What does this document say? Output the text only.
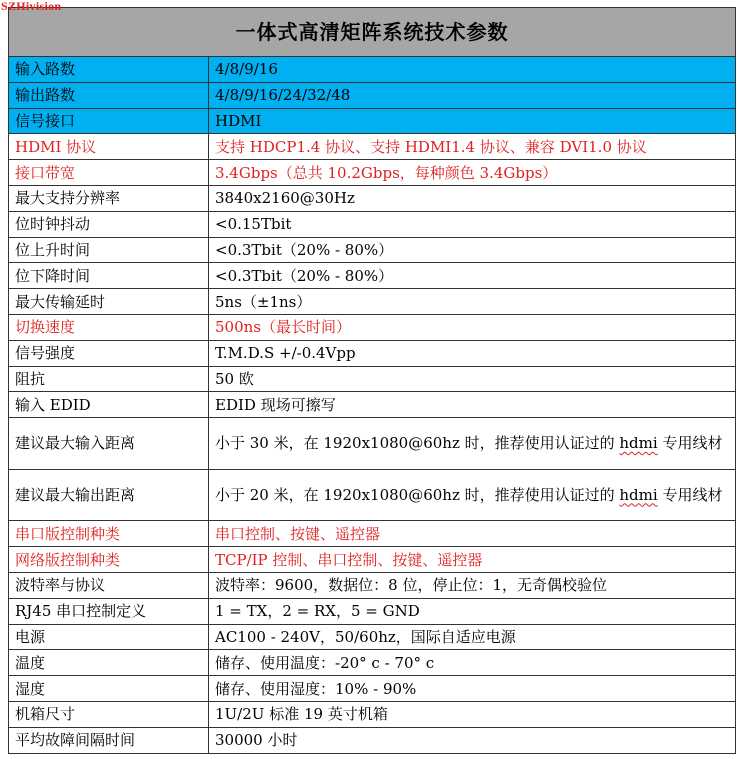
SZHivision
一体式高清矩阵系统技术参数	
输入路数	4/8/9/16
输出路数	4/8/9/16/24/32/48
信号接口	HDMI
HDMI 协议	支持 HDCP1.4 协议、支持 HDMI1.4 协议、兼容 DVI1.0 协议
接口带宽	3.4Gbps（总共 10.2Gbps，每种颜色 3.4Gbps）
最大支持分辨率	3840x2160@30Hz
位时钟抖动	<0.15Tbit
位上升时间	<0.3Tbit（20% - 80%）
位下降时间	<0.3Tbit（20% - 80%）
最大传输延时	5ns（±1ns）
切换速度	500ns（最长时间）
信号强度	T.M.D.S +/-0.4Vpp
阻抗	50 欧
输入 EDID	EDID 现场可擦写
建议最大输入距离	小于 30 米，在 1920x1080@60hz 时，推荐使用认证过的 hdmi 专用线材
建议最大输出距离	小于 20 米，在 1920x1080@60hz 时，推荐使用认证过的 hdmi 专用线材
串口版控制种类	串口控制、按键、遥控器
网络版控制种类	TCP/IP 控制、串口控制、按键、遥控器
波特率与协议	波特率：9600，数据位：8 位，停止位：1，无奇偶校验位
RJ45 串口控制定义	1 = TX，2 = RX，5 = GND
电源	AC100 - 240V，50/60hz，国际自适应电源
温度	储存、使用温度：-20° c - 70° c
湿度	储存、使用湿度：10% - 90%
机箱尺寸	1U/2U 标准 19 英寸机箱
平均故障间隔时间	30000 小时
